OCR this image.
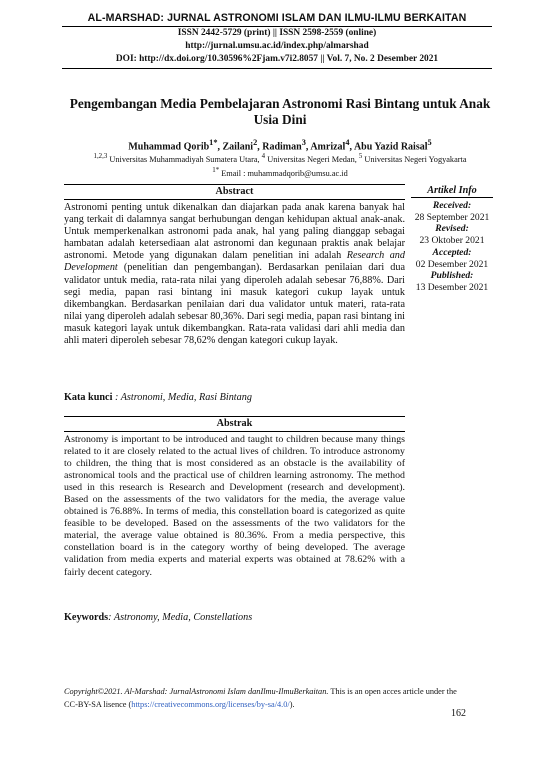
AL-MARSHAD: JURNAL ASTRONOMI ISLAM DAN ILMU-ILMU BERKAITAN
ISSN 2442-5729 (print) || ISSN 2598-2559 (online)
http://jurnal.umsu.ac.id/index.php/almarshad
DOI: http://dx.doi.org/10.30596%2Fjam.v7i2.8057 || Vol. 7, No. 2 Desember 2021
Pengembangan Media Pembelajaran Astronomi Rasi Bintang untuk Anak Usia Dini
Muhammad Qorib$^{1*}$, Zailani$^2$, Radiman$^3$, Amrizal$^4$, Abu Yazid Raisal$^5$
$^{1,2,3}$ Universitas Muhammadiyah Sumatera Utara, $^4$ Universitas Negeri Medan, $^5$ Universitas Negeri Yogyakarta
$^{1*}$ Email : muhammadqorib@umsu.ac.id
Abstract
Astronomi penting untuk dikenalkan dan diajarkan pada anak karena banyak hal yang terkait di dalamnya sangat berhubungan dengan kehidupan aktual anak-anak. Untuk memperkenalkan astronomi pada anak, hal yang paling dianggap sebagai hambatan adalah ketersediaan alat astronomi dan kegunaan praktis anak belajar astronomi. Metode yang digunakan dalam penelitian ini adalah Research and Development (penelitian dan pengembangan). Berdasarkan penilaian dari dua validator untuk media, rata-rata nilai yang diperoleh adalah sebesar 76,88%. Dari segi media, papan rasi bintang ini masuk kategori cukup layak untuk dikembangkan. Berdasarkan penilaian dari dua validator untuk materi, rata-rata nilai yang diperoleh adalah sebesar 80,36%. Dari segi media, papan rasi bintang ini masuk kategori layak untuk dikembangkan. Rata-rata validasi dari ahli media dan ahli materi diperoleh sebesar 78,62% dengan kategori cukup layak.
Artikel Info
Received:
28 September 2021
Revised:
23 Oktober 2021
Accepted:
02 Desember 2021
Published:
13 Desember 2021
Kata kunci : Astronomi, Media, Rasi Bintang
Abstrak
Astronomy is important to be introduced and taught to children because many things related to it are closely related to the actual lives of children. To introduce astronomy to children, the thing that is most considered as an obstacle is the availability of astronomical tools and the practical use of children learning astronomy. The method used in this research is Research and Development (research and development). Based on the assessments of the two validators for the media, the average value obtained is 76.88%. In terms of media, this constellation board is categorized as quite feasible to be developed. Based on the assessments of the two validators for the material, the average value obtained is 80.36%. From a media perspective, this constellation board is in the category worthy of being developed. The average validation from media experts and material experts was obtained at 78.62% with a fairly decent category.
Keywords: Astronomy, Media, Constellations
Copyright©2021. Al-Marshad: JurnalAstronomi Islam danIlmu-IlmuBerkaitan. This is an open acces article under the CC-BY-SA lisence (https://creativecommons.org/licenses/by-sa/4.0/).
162
